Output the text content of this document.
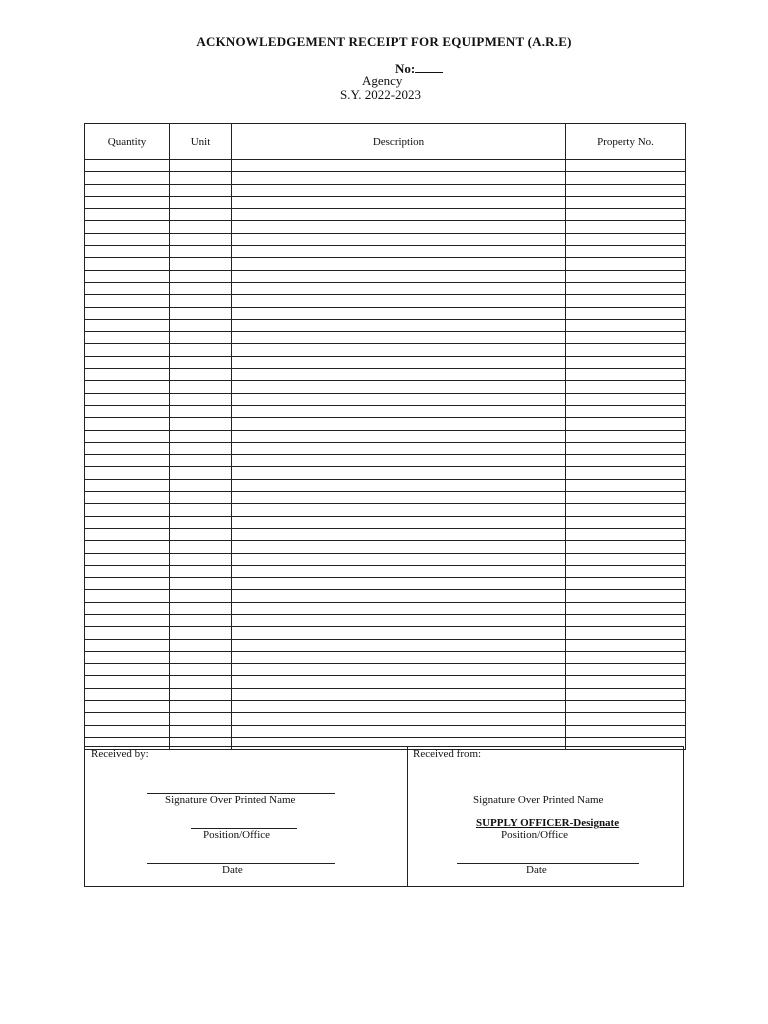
ACKNOWLEDGEMENT RECEIPT FOR EQUIPMENT (A.R.E)
No:
Agency
S.Y. 2022-2023
Quantity	Unit	Description	Property No.

Received by:
Signature Over Printed Name
Position/Office
Date
Received from:
Signature Over Printed Name
SUPPLY OFFICER-Designate
Position/Office
Date
